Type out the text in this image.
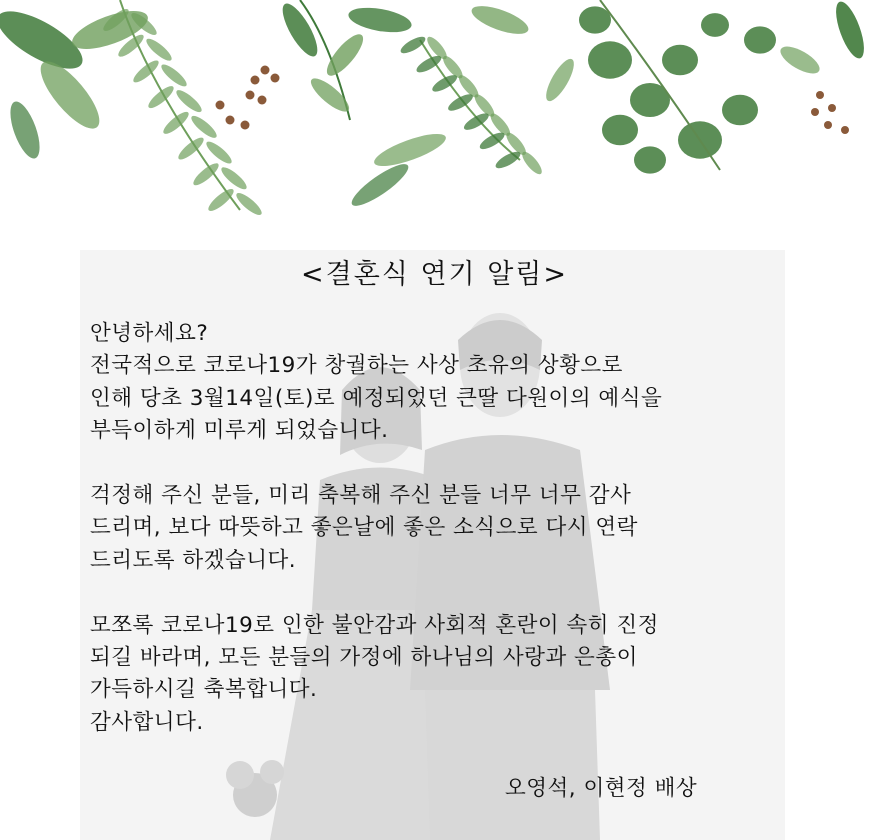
<결혼식 연기 알림>
안녕하세요?
전국적으로 코로나19가 창궐하는 사상 초유의 상황으로
인해 당초 3월14일(토)로 예정되었던 큰딸 다원이의 예식을
부득이하게 미루게 되었습니다.
걱정해 주신 분들, 미리 축복해 주신 분들 너무 너무 감사
드리며, 보다 따뜻하고 좋은날에 좋은 소식으로 다시 연락
드리도록 하겠습니다.
모쪼록 코로나19로 인한 불안감과 사회적 혼란이 속히 진정
되길 바라며, 모든 분들의 가정에 하나님의 사랑과 은총이
가득하시길 축복합니다.
감사합니다.
오영석, 이현정 배상
